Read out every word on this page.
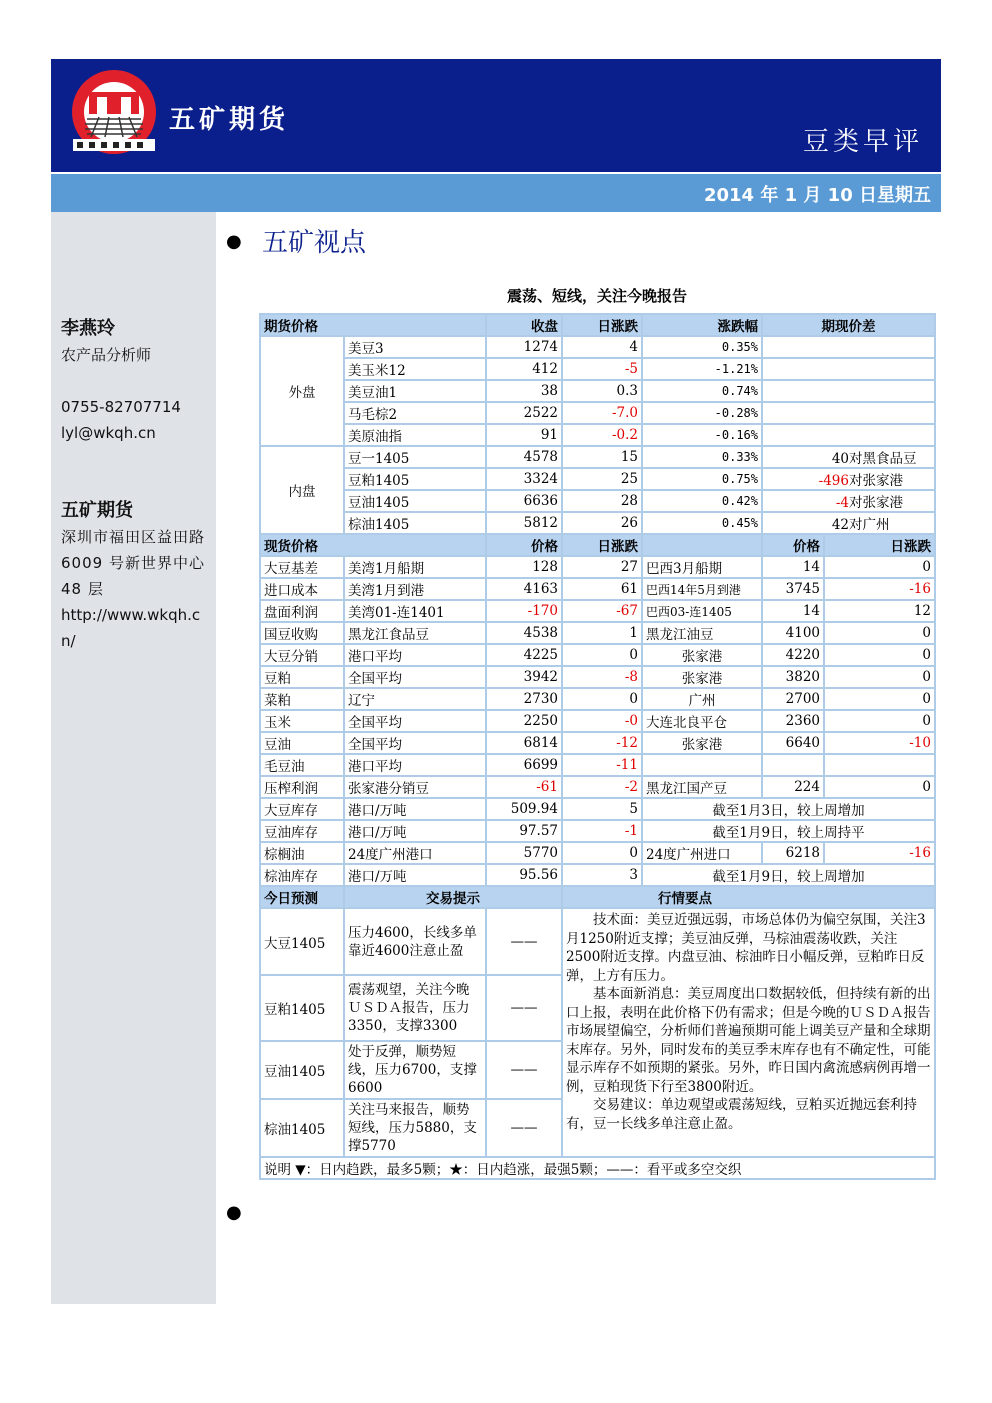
五矿期货
豆类早评
2014 年 1 月 10 日星期五
李燕玲
农产品分析师
0755-82707714
lyl@wkqh.cn
五矿期货
深圳市福田区益田路 6009 号新世界中心 48 层
http://www.wkqh.cn/
● 五矿视点
●
震荡、短线，关注今晚报告
期货价格		收盘	日涨跌	涨跌幅	期现价差	
外盘	美豆3	1274	4	0.35%		
	美玉米12	412	-5	-1.21%		
	美豆油1	38	0.3	0.74%		
	马毛棕2	2522	-7.0	-0.28%		
	美原油指	91	-0.2	-0.16%		
内盘	豆一1405	4578	15	0.33%	40对黑食品豆	
	豆粕1405	3324	25	0.75%	-496对张家港	
	豆油1405	6636	28	0.42%	-4对张家港	
	棕油1405	5812	26	0.45%	42对广州	
现货价格		价格	日涨跌		价格	日涨跌
大豆基差	美湾1月船期	128	27	巴西3月船期	14	0
进口成本	美湾1月到港	4163	61	巴西14年5月到港	3745	-16
盘面利润	美湾01-连1401	-170	-67	巴西03-连1405	14	12
国豆收购	黑龙江食品豆	4538	1	黑龙江油豆	4100	0
大豆分销	港口平均	4225	0	张家港	4220	0
豆粕	全国平均	3942	-8	张家港	3820	0
菜粕	辽宁	2730	0	广州	2700	0
玉米	全国平均	2250	-0	大连北良平仓	2360	0
豆油	全国平均	6814	-12	张家港	6640	-10
毛豆油	港口平均	6699	-11			
压榨利润	张家港分销豆	-61	-2	黑龙江国产豆	224	0
大豆库存	港口/万吨	509.94	5	截至1月3日，较上周增加		
豆油库存	港口/万吨	97.57	-1	截至1月9日，较上周持平		
棕榈油	24度广州港口	5770	0	24度广州进口	6218	-16
棕油库存	港口/万吨	95.56	3	截至1月9日，较上周增加		
今日预测	交易提示		行情要点			
大豆1405	压力4600，长线多单靠近4600注意止盈	——	技术面：美豆近强远弱，市场总体仍为偏空氛围，关注3月1250附近支撑；美豆油反弹，马棕油震荡收跌，关注2500附近支撑。内盘豆油、棕油昨日小幅反弹，豆粕昨日反弹，上方有压力。

基本面新消息：美豆周度出口数据较低，但持续有新的出口上报，表明在此价格下仍有需求；但是今晚的ＵＳＤＡ报告市场展望偏空，分析师们普遍预期可能上调美豆产量和全球期末库存。另外，同时发布的美豆季末库存也有不确定性，可能显示库存不如预期的紧张。另外，昨日国内禽流感病例再增一例，豆粕现货下行至3800附近。

交易建议：单边观望或震荡短线，豆粕买近抛远套利持有，豆一长线多单注意止盈。			

豆粕1405	震荡观望，关注今晚ＵＳＤＡ报告，压力3350，支撑3300	——				
豆油1405	处于反弹，顺势短线，压力6700，支撑6600	——				
棕油1405	关注马来报告，顺势短线，压力5880，支撑5770	——				
说明 ▼：日内趋跌，最多5颗；★：日内趋涨，最强5颗；——：看平或多空交织						
